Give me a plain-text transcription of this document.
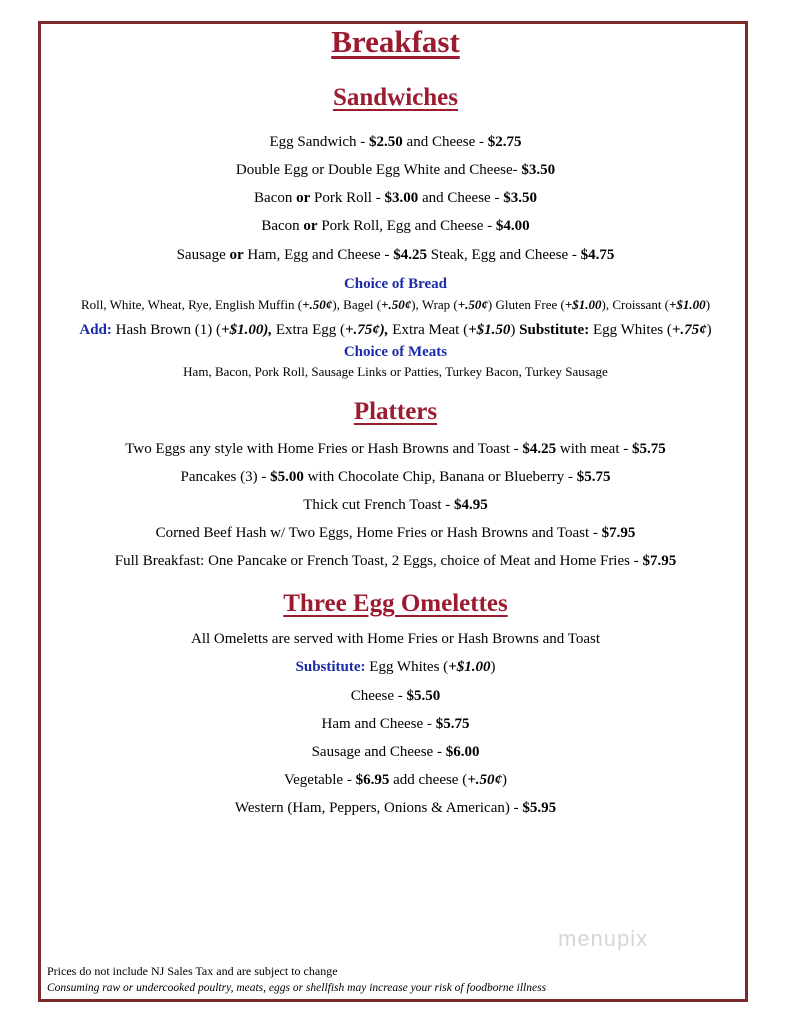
Breakfast
Sandwiches
Egg Sandwich - $2.50 and Cheese - $2.75
Double Egg or Double Egg White and Cheese- $3.50
Bacon or Pork Roll - $3.00 and Cheese - $3.50
Bacon or Pork Roll, Egg and Cheese - $4.00
Sausage or Ham, Egg and Cheese - $4.25 Steak, Egg and Cheese - $4.75
Choice of Bread
Roll, White, Wheat, Rye, English Muffin (+.50¢), Bagel (+.50¢), Wrap (+.50¢) Gluten Free (+$1.00), Croissant (+$1.00)
Add: Hash Brown (1) (+$1.00), Extra Egg (+.75¢), Extra Meat (+$1.50) Substitute: Egg Whites (+.75¢)
Choice of Meats
Ham, Bacon, Pork Roll, Sausage Links or Patties, Turkey Bacon, Turkey Sausage
Platters
Two Eggs any style with Home Fries or Hash Browns and Toast - $4.25 with meat - $5.75
Pancakes (3) - $5.00 with Chocolate Chip, Banana or Blueberry - $5.75
Thick cut French Toast - $4.95
Corned Beef Hash w/ Two Eggs, Home Fries or Hash Browns and Toast - $7.95
Full Breakfast: One Pancake or French Toast, 2 Eggs, choice of Meat and Home Fries - $7.95
Three Egg Omelettes
All Omeletts are served with Home Fries or Hash Browns and Toast
Substitute: Egg Whites (+$1.00)
Cheese - $5.50
Ham and Cheese - $5.75
Sausage and Cheese - $6.00
Vegetable - $6.95 add cheese (+.50¢)
Western (Ham, Peppers, Onions & American) - $5.95
menupix
Prices do not include NJ Sales Tax and are subject to change
Consuming raw or undercooked poultry, meats, eggs or shellfish may increase your risk of foodborne illness
